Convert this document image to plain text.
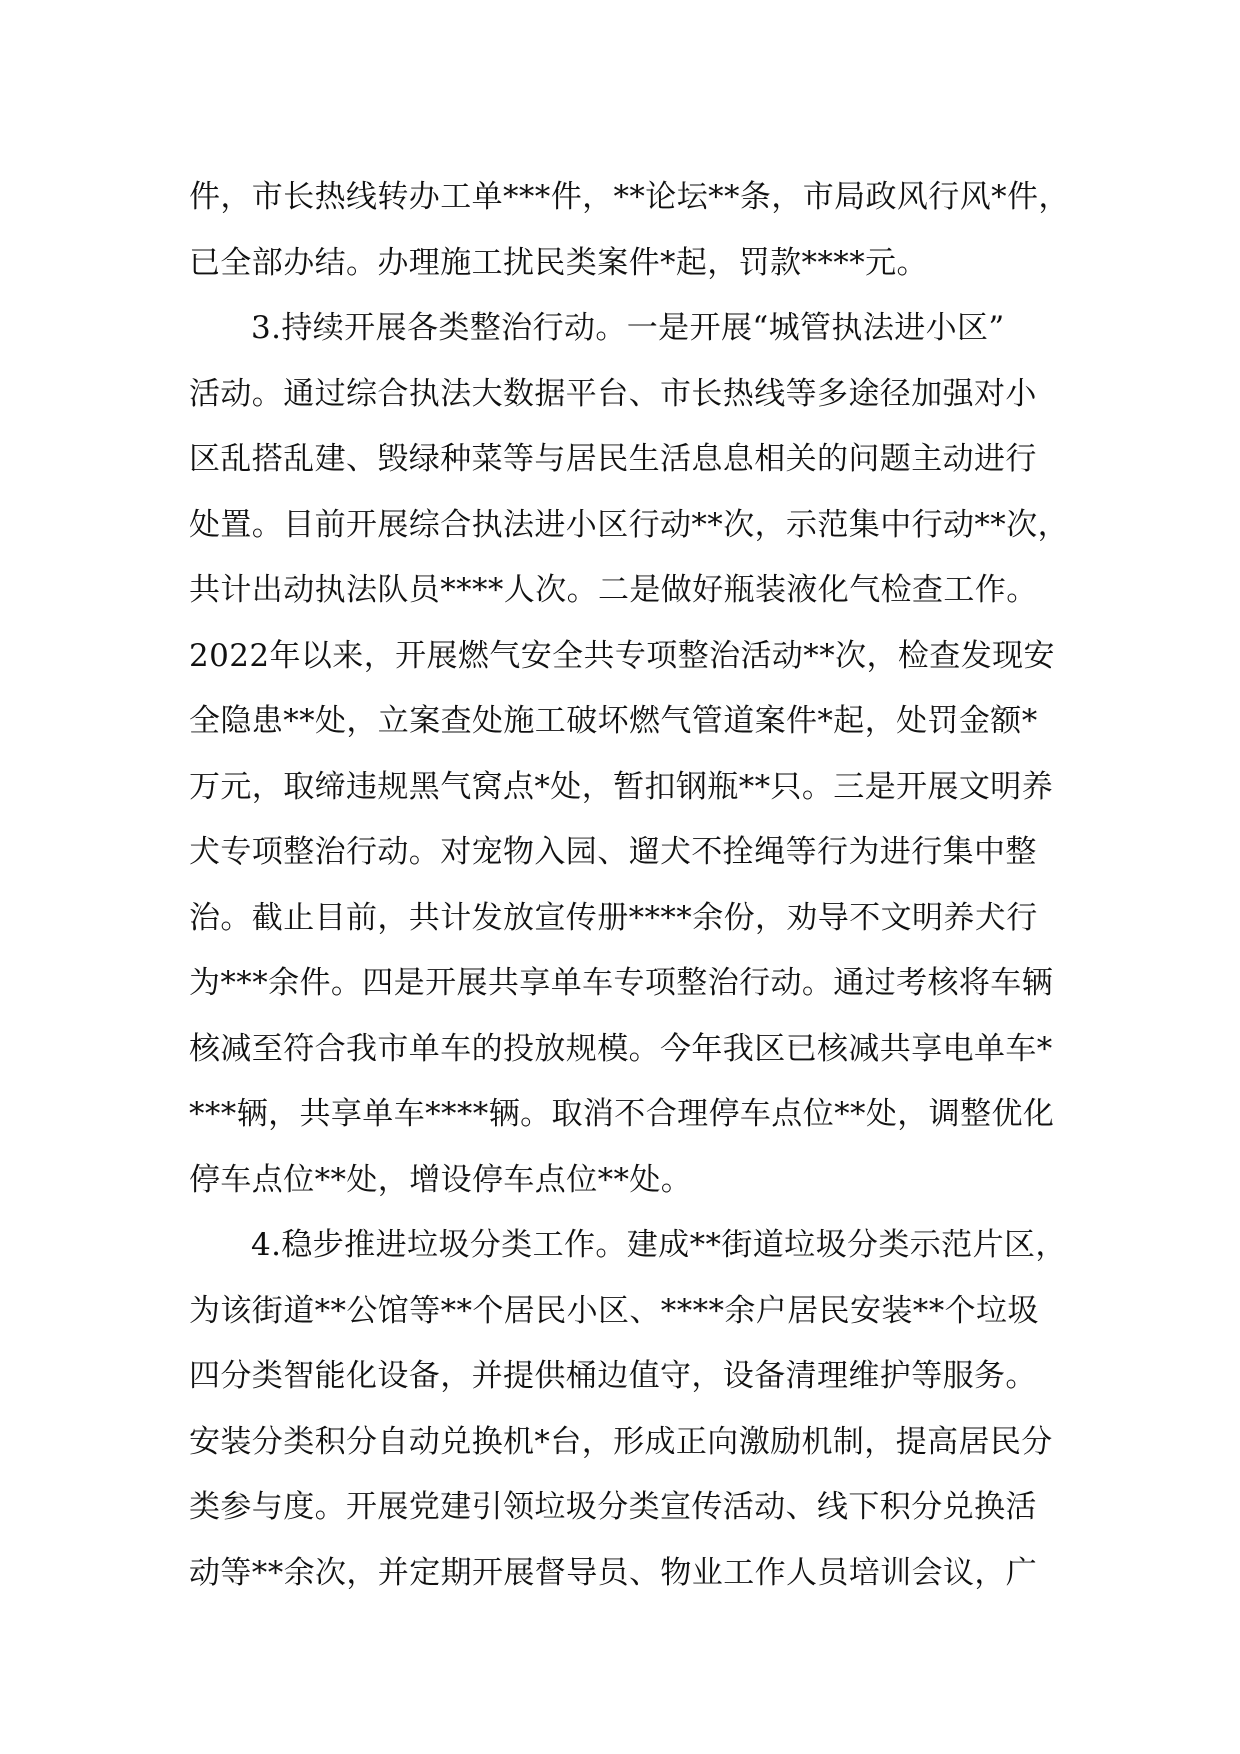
件，市长热线转办工单***件，**论坛**条，市局政风行风*件，
已全部办结。办理施工扰民类案件*起，罚款****元。
3.持续开展各类整治行动。一是开展“城管执法进小区”
活动。通过综合执法大数据平台、市长热线等多途径加强对小
区乱搭乱建、毁绿种菜等与居民生活息息相关的问题主动进行
处置。目前开展综合执法进小区行动**次，示范集中行动**次，
共计出动执法队员****人次。二是做好瓶装液化气检查工作。
2022年以来，开展燃气安全共专项整治活动**次，检查发现安
全隐患**处，立案查处施工破坏燃气管道案件*起，处罚金额*
万元，取缔违规黑气窝点*处，暂扣钢瓶**只。三是开展文明养
犬专项整治行动。对宠物入园、遛犬不拴绳等行为进行集中整
治。截止目前，共计发放宣传册****余份，劝导不文明养犬行
为***余件。四是开展共享单车专项整治行动。通过考核将车辆
核减至符合我市单车的投放规模。今年我区已核减共享电单车*
***辆，共享单车****辆。取消不合理停车点位**处，调整优化
停车点位**处，增设停车点位**处。
4.稳步推进垃圾分类工作。建成**街道垃圾分类示范片区，
为该街道**公馆等**个居民小区、****余户居民安装**个垃圾
四分类智能化设备，并提供桶边值守，设备清理维护等服务。
安装分类积分自动兑换机*台，形成正向激励机制，提高居民分
类参与度。开展党建引领垃圾分类宣传活动、线下积分兑换活
动等**余次，并定期开展督导员、物业工作人员培训会议，广
